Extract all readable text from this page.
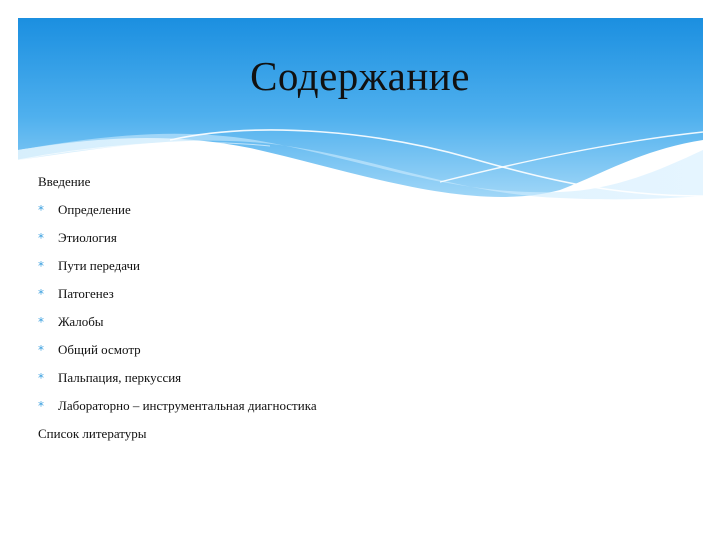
Содержание
Введение
*	Определение
*	Этиология
*	Пути передачи
*	Патогенез
*	Жалобы
*	Общий осмотр
*	Пальпация, перкуссия
*	Лабораторно – инструментальная диагностика
Список литературы
